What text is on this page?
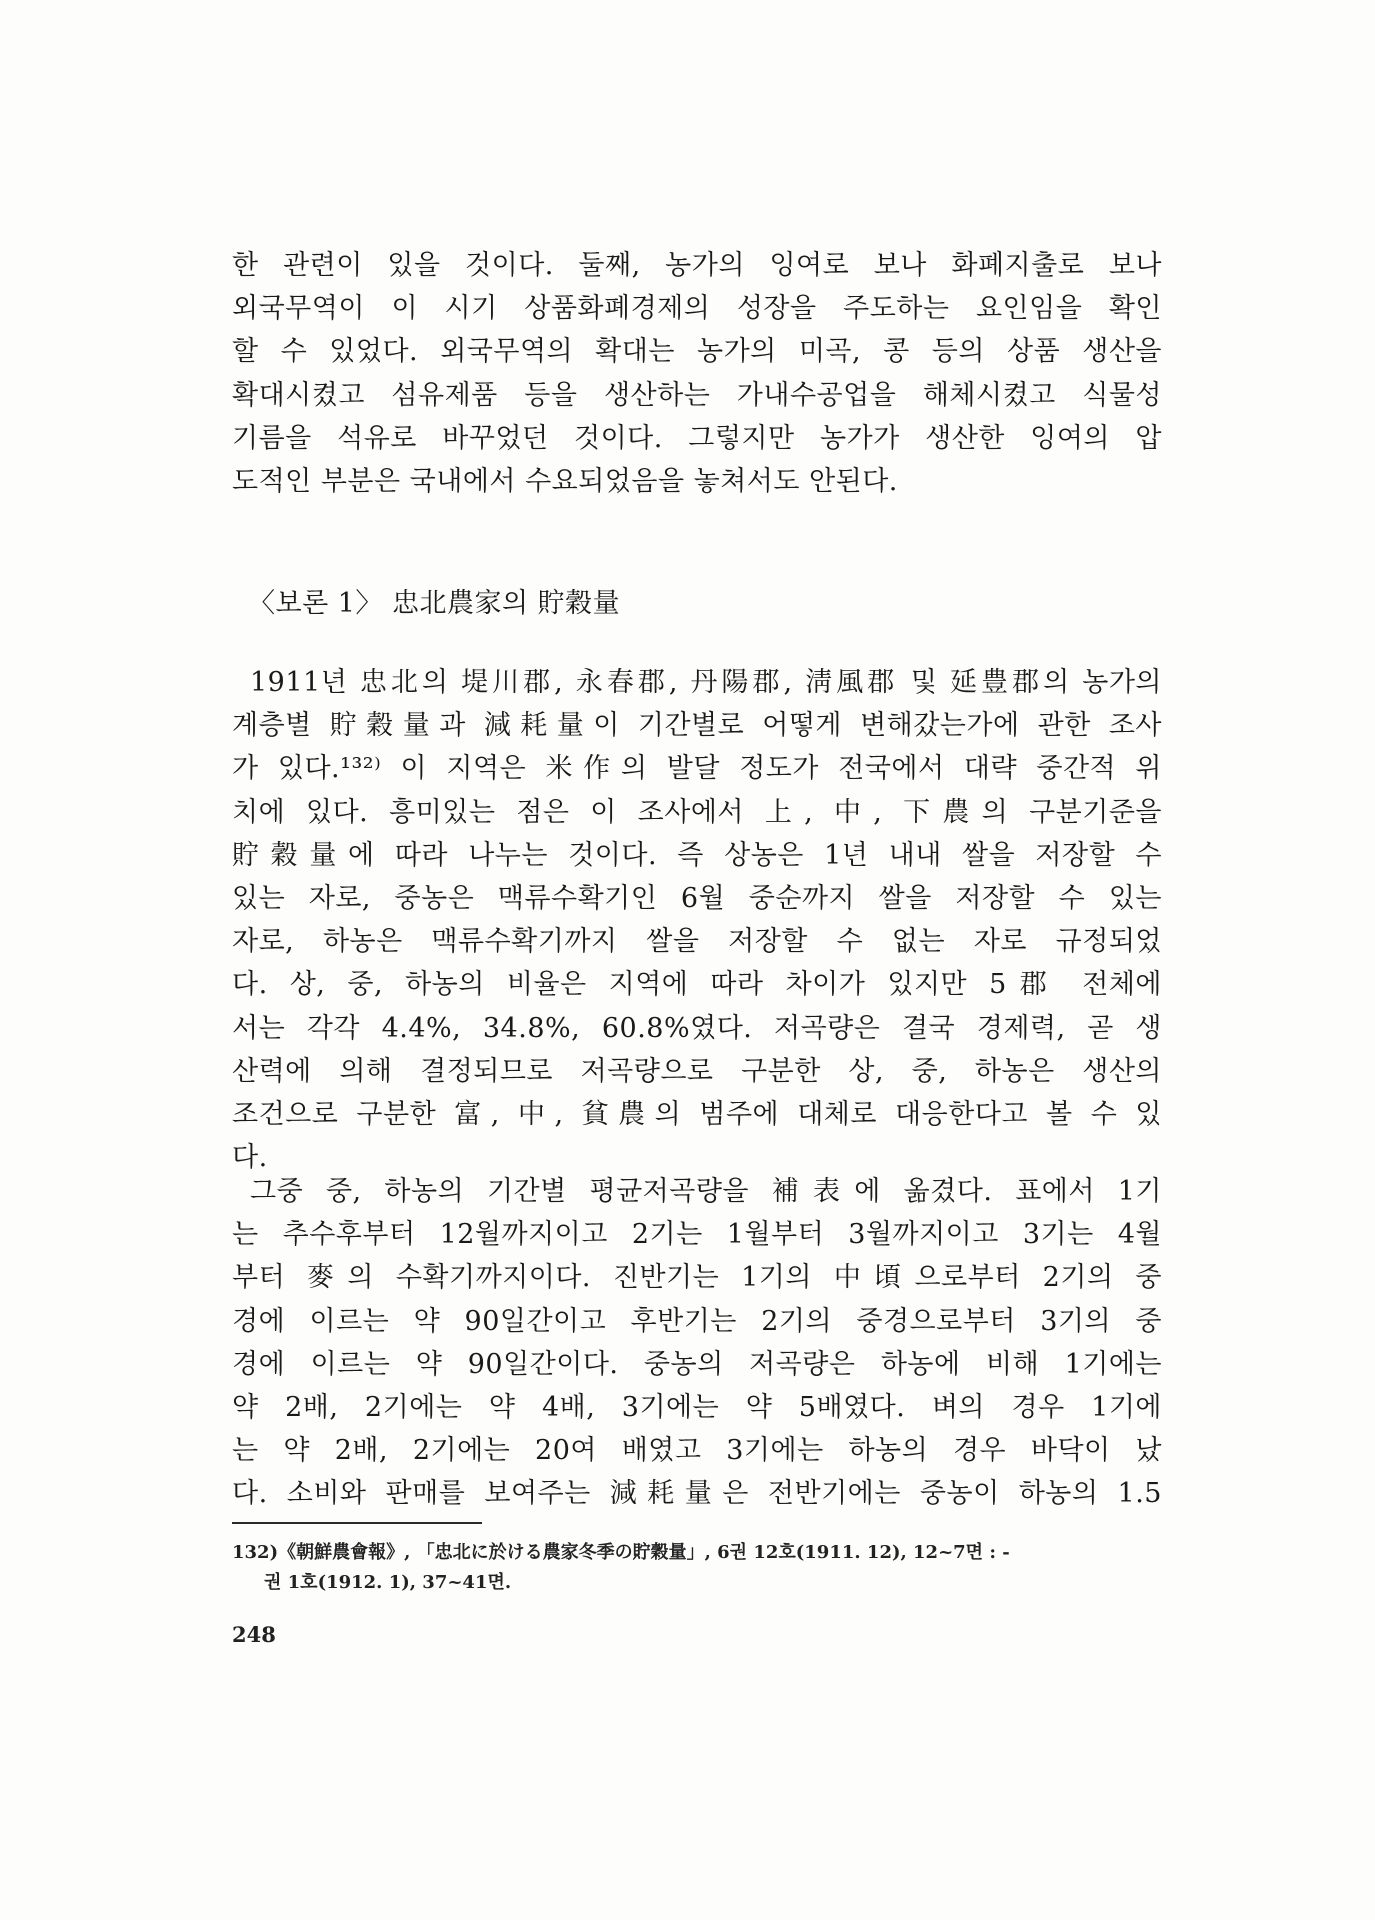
한 관련이 있을 것이다. 둘째, 농가의 잉여로 보나 화폐지출로 보나
외국무역이 이 시기 상품화폐경제의 성장을 주도하는 요인임을 확인
할 수 있었다. 외국무역의 확대는 농가의 미곡, 콩 등의 상품 생산을
확대시켰고 섬유제품 등을 생산하는 가내수공업을 해체시켰고 식물성
기름을 석유로 바꾸었던 것이다. 그렇지만 농가가 생산한 잉여의 압
도적인 부분은 국내에서 수요되었음을 놓쳐서도 안된다.
〈보론 1〉 忠北農家의 貯穀量
1911년 忠北의 堤川郡, 永春郡, 丹陽郡, 淸風郡 및 延豊郡의 농가의
계층별 貯穀量과 減耗量이 기간별로 어떻게 변해갔는가에 관한 조사
가 있다.¹³²⁾ 이 지역은 米作의 발달 정도가 전국에서 대략 중간적 위
치에 있다. 흥미있는 점은 이 조사에서 上, 中, 下農의 구분기준을
貯穀量에 따라 나누는 것이다. 즉 상농은 1년 내내 쌀을 저장할 수
있는 자로, 중농은 맥류수확기인 6월 중순까지 쌀을 저장할 수 있는
자로, 하농은 맥류수확기까지 쌀을 저장할 수 없는 자로 규정되었
다. 상, 중, 하농의 비율은 지역에 따라 차이가 있지만 5郡 전체에
서는 각각 4.4%, 34.8%, 60.8%였다. 저곡량은 결국 경제력, 곧 생
산력에 의해 결정되므로 저곡량으로 구분한 상, 중, 하농은 생산의
조건으로 구분한 富, 中, 貧農의 범주에 대체로 대응한다고 볼 수 있
다.
그중 중, 하농의 기간별 평균저곡량을 補表에 옮겼다. 표에서 1기
는 추수후부터 12월까지이고 2기는 1월부터 3월까지이고 3기는 4월
부터 麥의 수확기까지이다. 진반기는 1기의 中頃으로부터 2기의 중
경에 이르는 약 90일간이고 후반기는 2기의 중경으로부터 3기의 중
경에 이르는 약 90일간이다. 중농의 저곡량은 하농에 비해 1기에는
약 2배, 2기에는 약 4배, 3기에는 약 5배였다. 벼의 경우 1기에
는 약 2배, 2기에는 20여 배였고 3기에는 하농의 경우 바닥이 났
다. 소비와 판매를 보여주는 減耗量은 전반기에는 중농이 하농의 1.5
132)《朝鮮農會報》, 「忠北に於ける農家冬季の貯穀量」, 6권 12호(1911. 12), 12~7면 : -
권 1호(1912. 1), 37~41면.
248
